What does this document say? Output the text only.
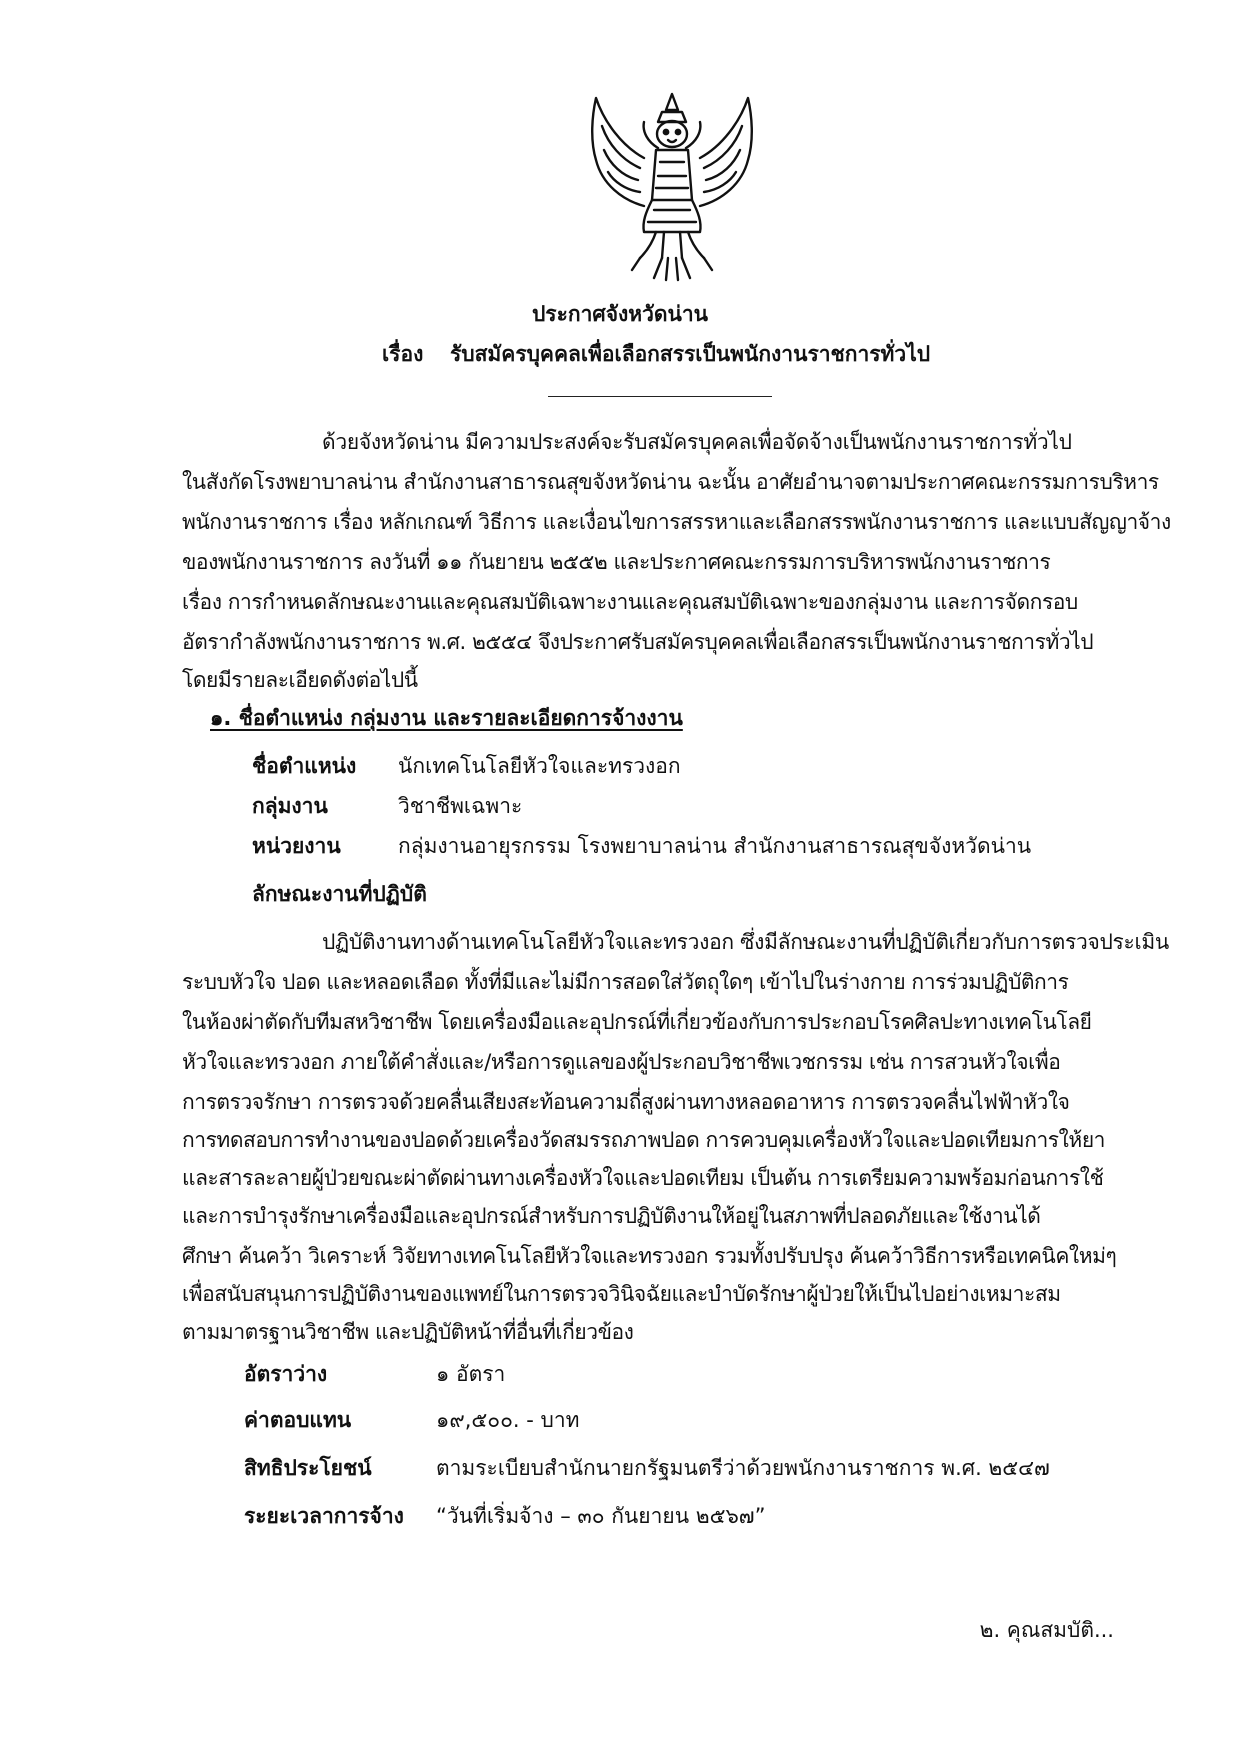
ประกาศจังหวัดน่าน
เรื่อง รับสมัครบุคคลเพื่อเลือกสรรเป็นพนักงานราชการทั่วไป
ด้วยจังหวัดน่าน มีความประสงค์จะรับสมัครบุคคลเพื่อจัดจ้างเป็นพนักงานราชการทั่วไป
ในสังกัดโรงพยาบาลน่าน สำนักงานสาธารณสุขจังหวัดน่าน ฉะนั้น อาศัยอำนาจตามประกาศคณะกรรมการบริหาร
พนักงานราชการ เรื่อง หลักเกณฑ์ วิธีการ และเงื่อนไขการสรรหาและเลือกสรรพนักงานราชการ และแบบสัญญาจ้าง
ของพนักงานราชการ ลงวันที่ ๑๑ กันยายน ๒๕๕๒ และประกาศคณะกรรมการบริหารพนักงานราชการ
เรื่อง การกำหนดลักษณะงานและคุณสมบัติเฉพาะงานและคุณสมบัติเฉพาะของกลุ่มงาน และการจัดกรอบ
อัตรากำลังพนักงานราชการ พ.ศ. ๒๕๕๔ จึงประกาศรับสมัครบุคคลเพื่อเลือกสรรเป็นพนักงานราชการทั่วไป
โดยมีรายละเอียดดังต่อไปนี้
๑. ชื่อตำแหน่ง กลุ่มงาน และรายละเอียดการจ้างงาน
ชื่อตำแหน่ง นักเทคโนโลยีหัวใจและทรวงอก
กลุ่มงาน	วิชาชีพเฉพาะ
หน่วยงาน	กลุ่มงานอายุรกรรม โรงพยาบาลน่าน สำนักงานสาธารณสุขจังหวัดน่าน
ลักษณะงานที่ปฏิบัติ
ปฏิบัติงานทางด้านเทคโนโลยีหัวใจและทรวงอก ซึ่งมีลักษณะงานที่ปฏิบัติเกี่ยวกับการตรวจประเมิน
ระบบหัวใจ ปอด และหลอดเลือด ทั้งที่มีและไม่มีการสอดใส่วัตถุใดๆ เข้าไปในร่างกาย การร่วมปฏิบัติการ
ในห้องผ่าตัดกับทีมสหวิชาชีพ โดยเครื่องมือและอุปกรณ์ที่เกี่ยวข้องกับการประกอบโรคศิลปะทางเทคโนโลยี
หัวใจและทรวงอก ภายใต้คำสั่งและ/หรือการดูแลของผู้ประกอบวิชาชีพเวชกรรม เช่น การสวนหัวใจเพื่อ
การตรวจรักษา การตรวจด้วยคลื่นเสียงสะท้อนความถี่สูงผ่านทางหลอดอาหาร การตรวจคลื่นไฟฟ้าหัวใจ
การทดสอบการทำงานของปอดด้วยเครื่องวัดสมรรถภาพปอด การควบคุมเครื่องหัวใจและปอดเทียมการให้ยา
และสารละลายผู้ป่วยขณะผ่าตัดผ่านทางเครื่องหัวใจและปอดเทียม เป็นต้น การเตรียมความพร้อมก่อนการใช้
และการบำรุงรักษาเครื่องมือและอุปกรณ์สำหรับการปฏิบัติงานให้อยู่ในสภาพที่ปลอดภัยและใช้งานได้
ศึกษา ค้นคว้า วิเคราะห์ วิจัยทางเทคโนโลยีหัวใจและทรวงอก รวมทั้งปรับปรุง ค้นคว้าวิธีการหรือเทคนิคใหม่ๆ
เพื่อสนับสนุนการปฏิบัติงานของแพทย์ในการตรวจวินิจฉัยและบำบัดรักษาผู้ป่วยให้เป็นไปอย่างเหมาะสม
ตามมาตรฐานวิชาชีพ และปฏิบัติหน้าที่อื่นที่เกี่ยวข้อง
อัตราว่าง	๑ อัตรา
ค่าตอบแทน	๑๙,๕๐๐. - บาท
สิทธิประโยชน์	ตามระเบียบสำนักนายกรัฐมนตรีว่าด้วยพนักงานราชการ พ.ศ. ๒๕๔๗
ระยะเวลาการจ้าง “วันที่เริ่มจ้าง – ๓๐ กันยายน ๒๕๖๗”
๒. คุณสมบัติ...
